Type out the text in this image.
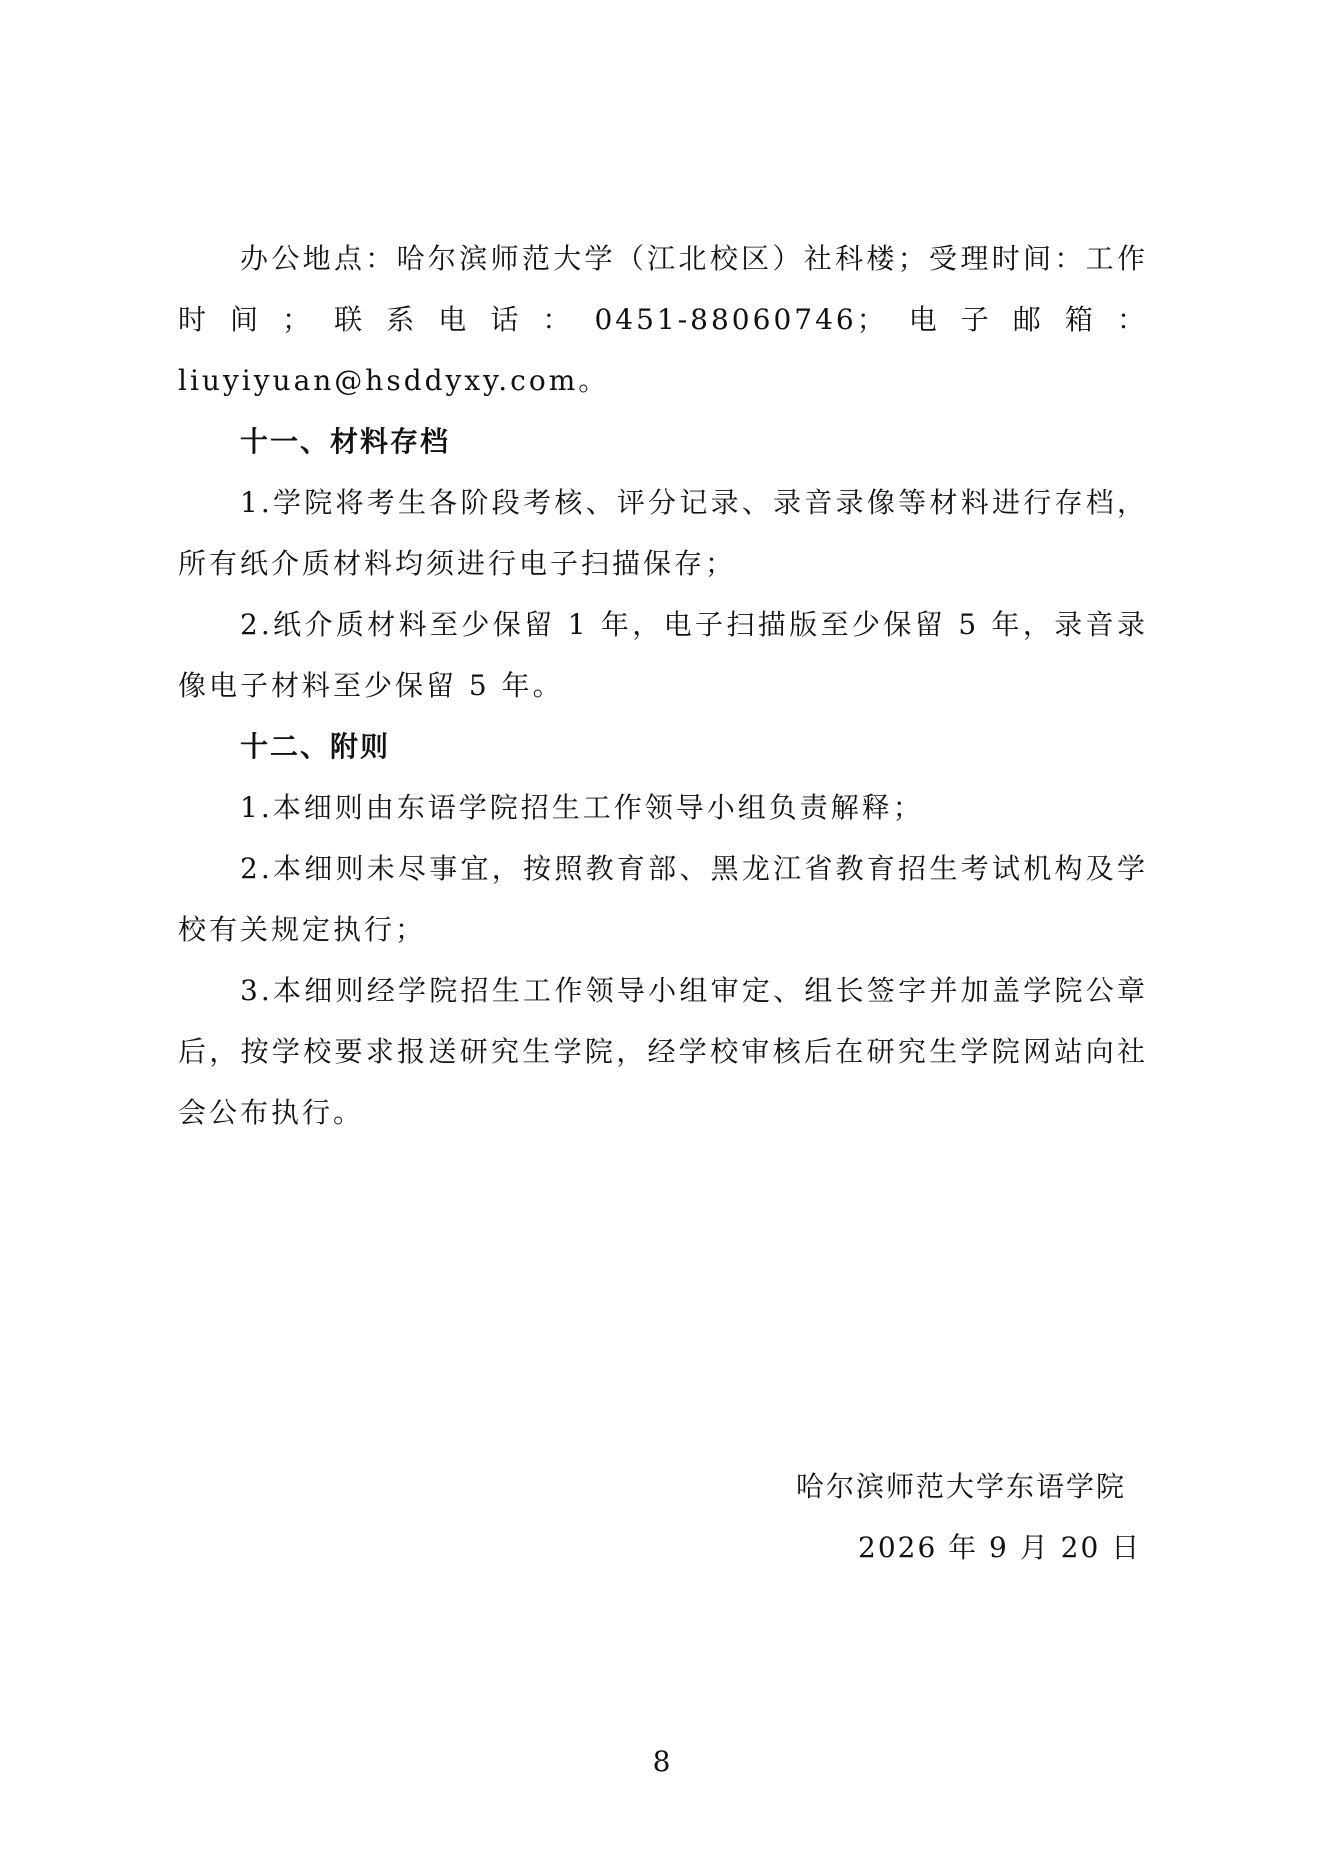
办公地点：哈尔滨师范大学（江北校区）社科楼；受理时间：工作时间；联系电话：0451-88060746；电子邮箱：liuyiyuan@hsddyxy.com。

十一、材料存档

1.学院将考生各阶段考核、评分记录、录音录像等材料进行存档，所有纸介质材料均须进行电子扫描保存；

2.纸介质材料至少保留 1 年，电子扫描版至少保留 5 年，录音录像电子材料至少保留 5 年。

十二、附则

1.本细则由东语学院招生工作领导小组负责解释；

2.本细则未尽事宜，按照教育部、黑龙江省教育招生考试机构及学校有关规定执行；

3.本细则经学院招生工作领导小组审定、组长签字并加盖学院公章后，按学校要求报送研究生学院，经学校审核后在研究生学院网站向社会公布执行。

哈尔滨师范大学东语学院
2026 年 9 月 20 日
8
